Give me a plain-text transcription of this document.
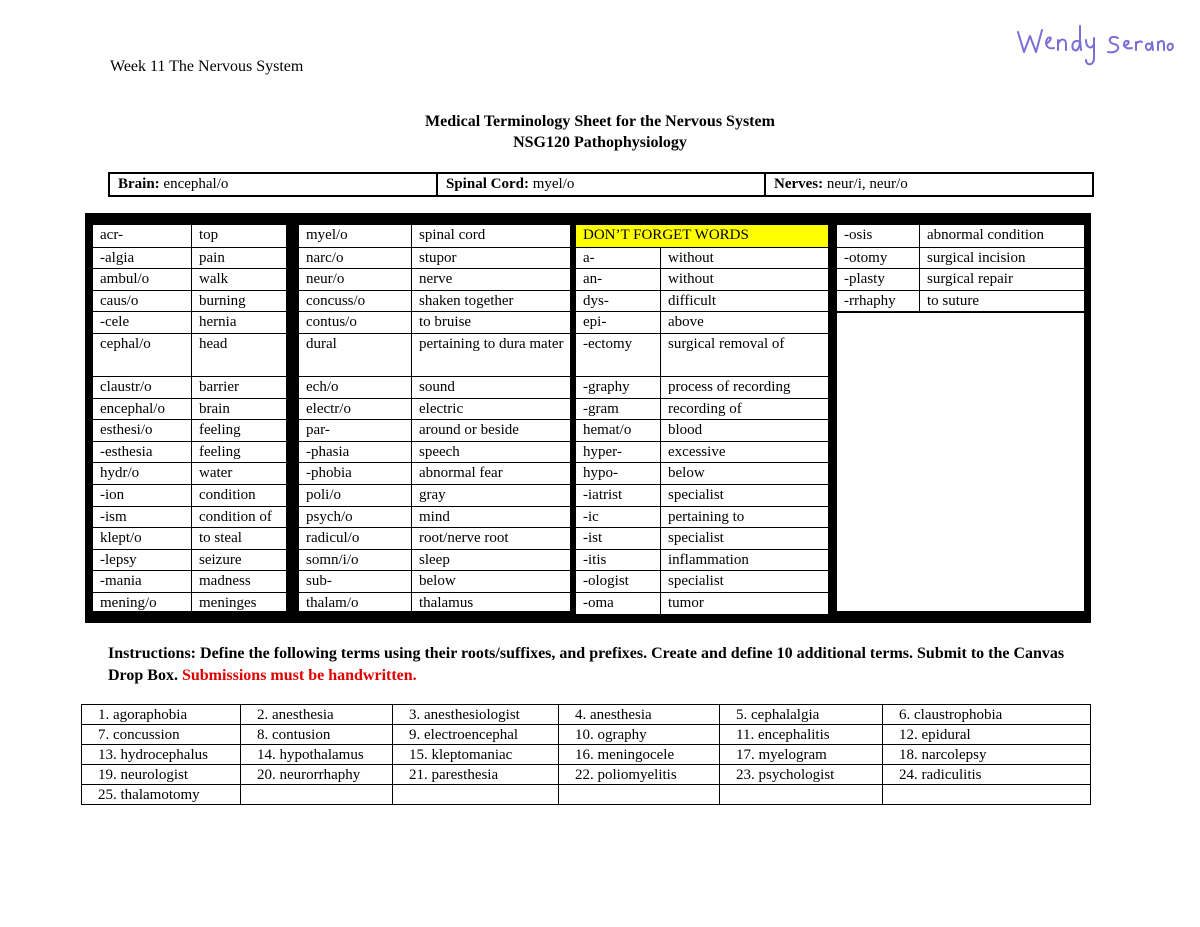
Week 11 The Nervous System
Medical Terminology Sheet for the Nervous System
NSG120 Pathophysiology
Brain: encephal/o	Spinal Cord: myel/o	Nerves: neur/i, neur/o
acr-	top
-algia	pain
ambul/o	walk
caus/o	burning
-cele	hernia
cephal/o	head
claustr/o	barrier
encephal/o	brain
esthesi/o	feeling
-esthesia	feeling
hydr/o	water
-ion	condition
-ism	condition of
klept/o	to steal
-lepsy	seizure
-mania	madness
mening/o	meninges
myel/o	spinal cord
narc/o	stupor
neur/o	nerve
concuss/o	shaken together
contus/o	to bruise
dural	pertaining to dura mater
ech/o	sound
electr/o	electric
par-	around or beside
-phasia	speech
-phobia	abnormal fear
poli/o	gray
psych/o	mind
radicul/o	root/nerve root
somn/i/o	sleep
sub-	below
thalam/o	thalamus
DON’T FORGET WORDS
a-	without
an-	without
dys-	difficult
epi-	above
-ectomy	surgical removal of
-graphy	process of recording
-gram	recording of
hemat/o	blood
hyper-	excessive
hypo-	below
-iatrist	specialist
-ic	pertaining to
-ist	specialist
-itis	inflammation
-ologist	specialist
-oma	tumor
-osis	abnormal condition
-otomy	surgical incision
-plasty	surgical repair
-rrhaphy	to suture
Instructions: Define the following terms using their roots/suffixes, and prefixes. Create and define 10 additional terms. Submit to the Canvas Drop Box. Submissions must be handwritten.
1. agoraphobia	2. anesthesia	3. anesthesiologist	4. anesthesia	5. cephalalgia	6. claustrophobia
7. concussion	8. contusion	9. electroencephal	10. ography	11. encephalitis	12. epidural
13. hydrocephalus	14. hypothalamus	15. kleptomaniac	16. meningocele	17. myelogram	18. narcolepsy
19. neurologist	20. neurorrhaphy	21. paresthesia	22. poliomyelitis	23. psychologist	24. radiculitis
25. thalamotomy					
